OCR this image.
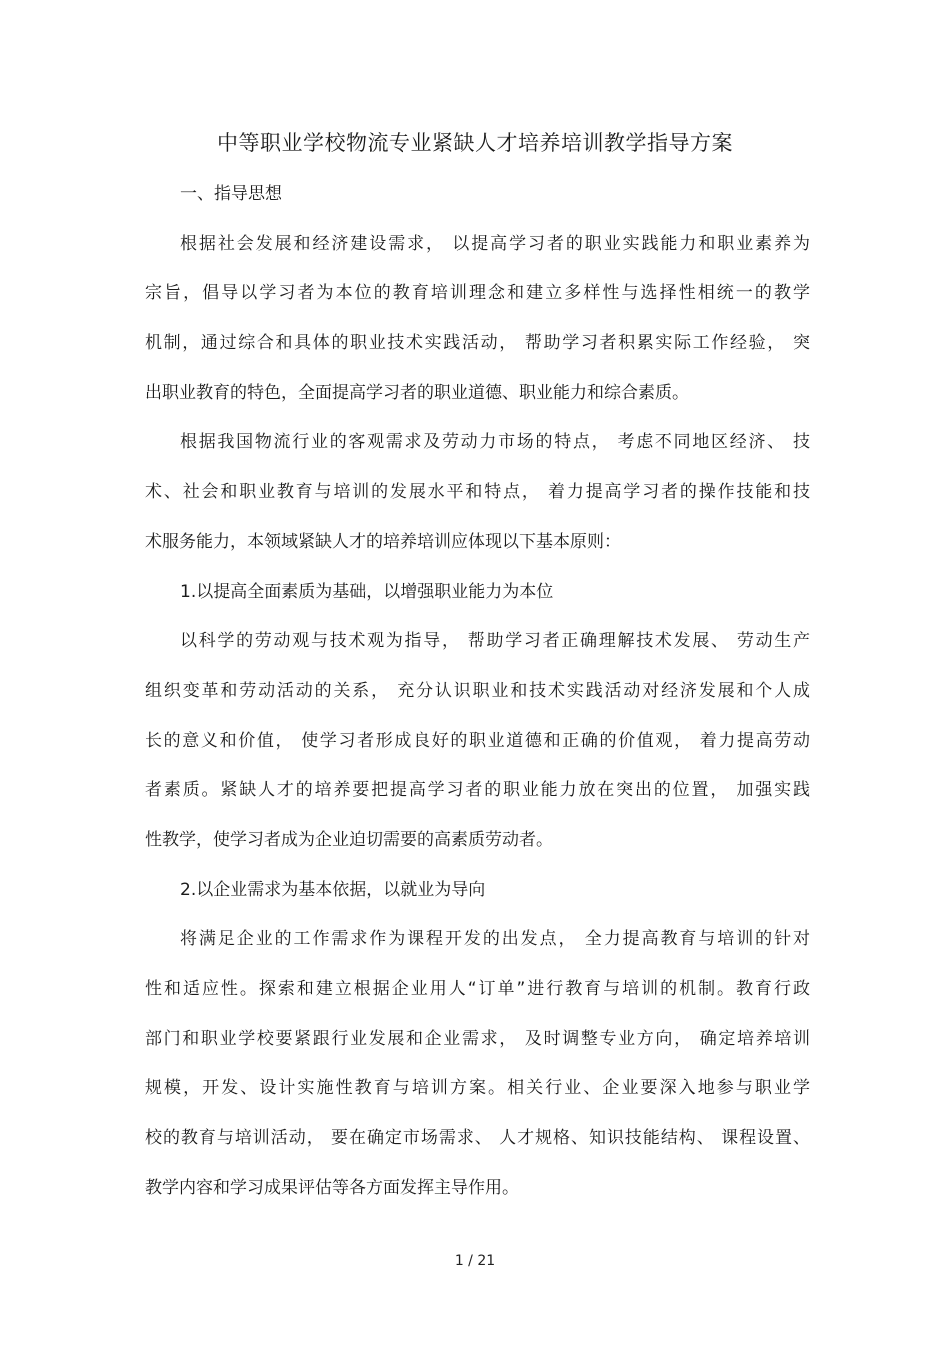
中等职业学校物流专业紧缺人才培养培训教学指导方案
一、指导思想
根据社会发展和经济建设需求， 以提高学习者的职业实践能力和职业素养为
宗旨，倡导以学习者为本位的教育培训理念和建立多样性与选择性相统一的教学
机制，通过综合和具体的职业技术实践活动， 帮助学习者积累实际工作经验， 突
出职业教育的特色，全面提高学习者的职业道德、职业能力和综合素质。
根据我国物流行业的客观需求及劳动力市场的特点， 考虑不同地区经济、 技
术、社会和职业教育与培训的发展水平和特点， 着力提高学习者的操作技能和技
术服务能力，本领域紧缺人才的培养培训应体现以下基本原则：
1.以提高全面素质为基础，以增强职业能力为本位
以科学的劳动观与技术观为指导， 帮助学习者正确理解技术发展、 劳动生产
组织变革和劳动活动的关系， 充分认识职业和技术实践活动对经济发展和个人成
长的意义和价值， 使学习者形成良好的职业道德和正确的价值观， 着力提高劳动
者素质。紧缺人才的培养要把提高学习者的职业能力放在突出的位置， 加强实践
性教学，使学习者成为企业迫切需要的高素质劳动者。
2.以企业需求为基本依据，以就业为导向
将满足企业的工作需求作为课程开发的出发点， 全力提高教育与培训的针对
性和适应性。探索和建立根据企业用人“订单”进行教育与培训的机制。教育行政
部门和职业学校要紧跟行业发展和企业需求， 及时调整专业方向， 确定培养培训
规模，开发、设计实施性教育与培训方案。相关行业、企业要深入地参与职业学
校的教育与培训活动， 要在确定市场需求、 人才规格、知识技能结构、 课程设置、
教学内容和学习成果评估等各方面发挥主导作用。
1 / 21
